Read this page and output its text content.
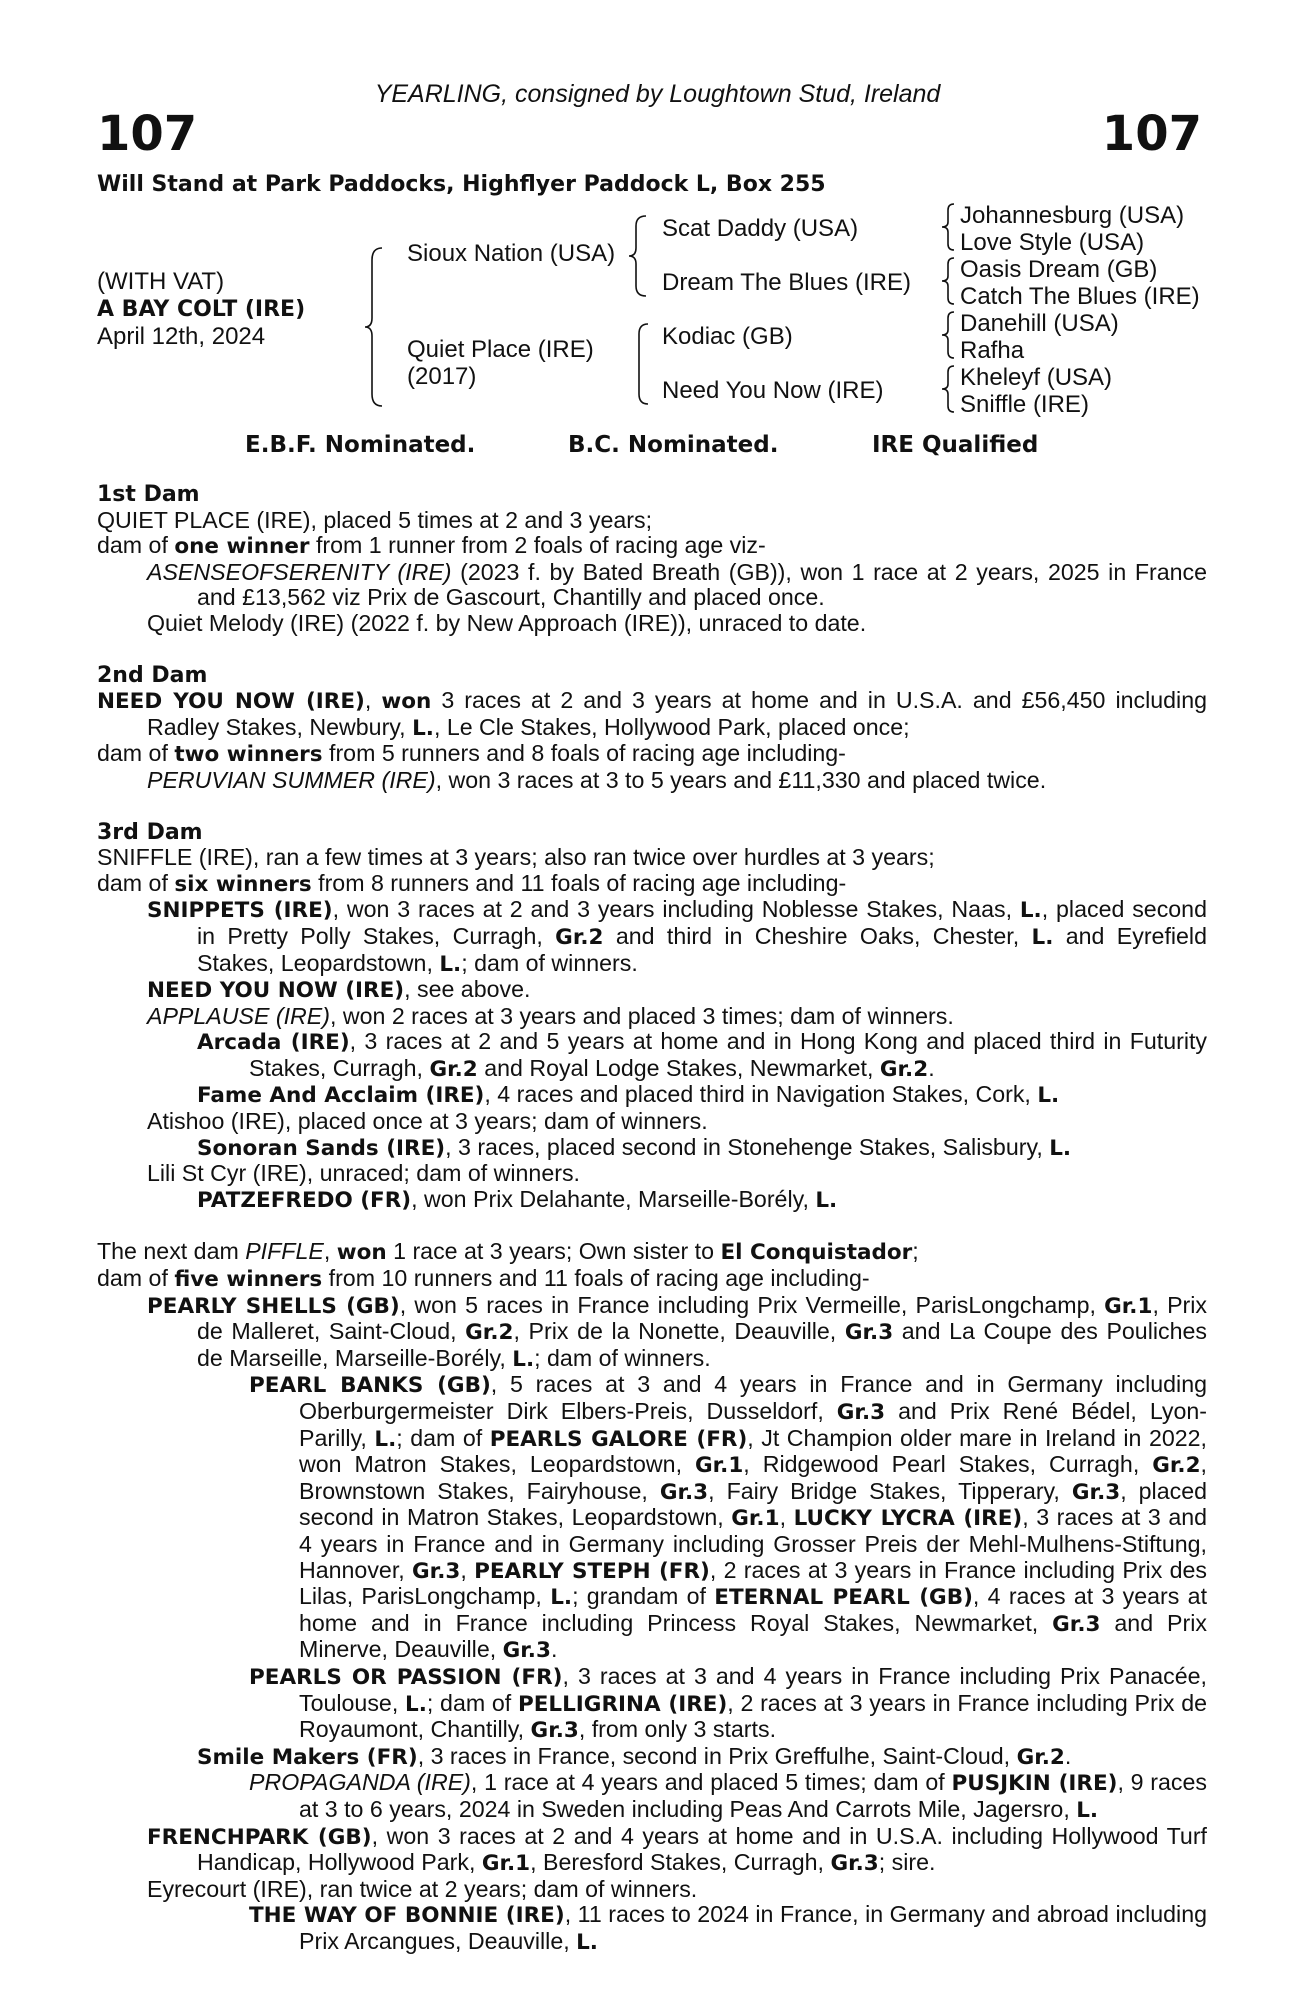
YEARLING, consigned by Loughtown Stud, Ireland
107	107
Will Stand at Park Paddocks, Highflyer Paddock L, Box 255
(WITH VAT)
A BAY COLT (IRE)
April 12th, 2024
Sioux Nation (USA)
Quiet Place (IRE)
(2017)
Scat Daddy (USA)
Dream The Blues (IRE)
Kodiac (GB)
Need You Now (IRE)
Johannesburg (USA)
Love Style (USA)
Oasis Dream (GB)
Catch The Blues (IRE)
Danehill (USA)
Rafha
Kheleyf (USA)
Sniffle (IRE)
E.B.F. Nominated.	B.C. Nominated.	IRE Qualified
1st Dam
QUIET PLACE (IRE), placed 5 times at 2 and 3 years;
dam of one winner from 1 runner from 2 foals of racing age viz-
ASENSEOFSERENITY (IRE) (2023 f. by Bated Breath (GB)), won 1 race at 2 years, 2025 in France and £13,562 viz Prix de Gascourt, Chantilly and placed once.
Quiet Melody (IRE) (2022 f. by New Approach (IRE)), unraced to date.
2nd Dam
NEED YOU NOW (IRE), won 3 races at 2 and 3 years at home and in U.S.A. and £56,450 including Radley Stakes, Newbury, L., Le Cle Stakes, Hollywood Park, placed once;
dam of two winners from 5 runners and 8 foals of racing age including-
PERUVIAN SUMMER (IRE), won 3 races at 3 to 5 years and £11,330 and placed twice.
3rd Dam
SNIFFLE (IRE), ran a few times at 3 years; also ran twice over hurdles at 3 years;
dam of six winners from 8 runners and 11 foals of racing age including-
SNIPPETS (IRE), won 3 races at 2 and 3 years including Noblesse Stakes, Naas, L., placed second in Pretty Polly Stakes, Curragh, Gr.2 and third in Cheshire Oaks, Chester, L. and Eyrefield Stakes, Leopardstown, L.; dam of winners.
NEED YOU NOW (IRE), see above.
APPLAUSE (IRE), won 2 races at 3 years and placed 3 times; dam of winners.
Arcada (IRE), 3 races at 2 and 5 years at home and in Hong Kong and placed third in Futurity Stakes, Curragh, Gr.2 and Royal Lodge Stakes, Newmarket, Gr.2.
Fame And Acclaim (IRE), 4 races and placed third in Navigation Stakes, Cork, L.
Atishoo (IRE), placed once at 3 years; dam of winners.
Sonoran Sands (IRE), 3 races, placed second in Stonehenge Stakes, Salisbury, L.
Lili St Cyr (IRE), unraced; dam of winners.
PATZEFREDO (FR), won Prix Delahante, Marseille-Borély, L.
The next dam PIFFLE, won 1 race at 3 years; Own sister to El Conquistador;
dam of five winners from 10 runners and 11 foals of racing age including-
PEARLY SHELLS (GB), won 5 races in France including Prix Vermeille, ParisLongchamp, Gr.1, Prix de Malleret, Saint-Cloud, Gr.2, Prix de la Nonette, Deauville, Gr.3 and La Coupe des Pouliches de Marseille, Marseille-Borély, L.; dam of winners.
PEARL BANKS (GB), 5 races at 3 and 4 years in France and in Germany including Oberburgermeister Dirk Elbers-Preis, Dusseldorf, Gr.3 and Prix René Bédel, Lyon-Parilly, L.; dam of PEARLS GALORE (FR), Jt Champion older mare in Ireland in 2022, won Matron Stakes, Leopardstown, Gr.1, Ridgewood Pearl Stakes, Curragh, Gr.2, Brownstown Stakes, Fairyhouse, Gr.3, Fairy Bridge Stakes, Tipperary, Gr.3, placed second in Matron Stakes, Leopardstown, Gr.1, LUCKY LYCRA (IRE), 3 races at 3 and 4 years in France and in Germany including Grosser Preis der Mehl-Mulhens-Stiftung, Hannover, Gr.3, PEARLY STEPH (FR), 2 races at 3 years in France including Prix des Lilas, ParisLongchamp, L.; grandam of ETERNAL PEARL (GB), 4 races at 3 years at home and in France including Princess Royal Stakes, Newmarket, Gr.3 and Prix Minerve, Deauville, Gr.3.
PEARLS OR PASSION (FR), 3 races at 3 and 4 years in France including Prix Panacée, Toulouse, L.; dam of PELLIGRINA (IRE), 2 races at 3 years in France including Prix de Royaumont, Chantilly, Gr.3, from only 3 starts.
Smile Makers (FR), 3 races in France, second in Prix Greffulhe, Saint-Cloud, Gr.2.
PROPAGANDA (IRE), 1 race at 4 years and placed 5 times; dam of PUSJKIN (IRE), 9 races at 3 to 6 years, 2024 in Sweden including Peas And Carrots Mile, Jagersro, L.
FRENCHPARK (GB), won 3 races at 2 and 4 years at home and in U.S.A. including Hollywood Turf Handicap, Hollywood Park, Gr.1, Beresford Stakes, Curragh, Gr.3; sire.
Eyrecourt (IRE), ran twice at 2 years; dam of winners.
THE WAY OF BONNIE (IRE), 11 races to 2024 in France, in Germany and abroad including Prix Arcangues, Deauville, L.
